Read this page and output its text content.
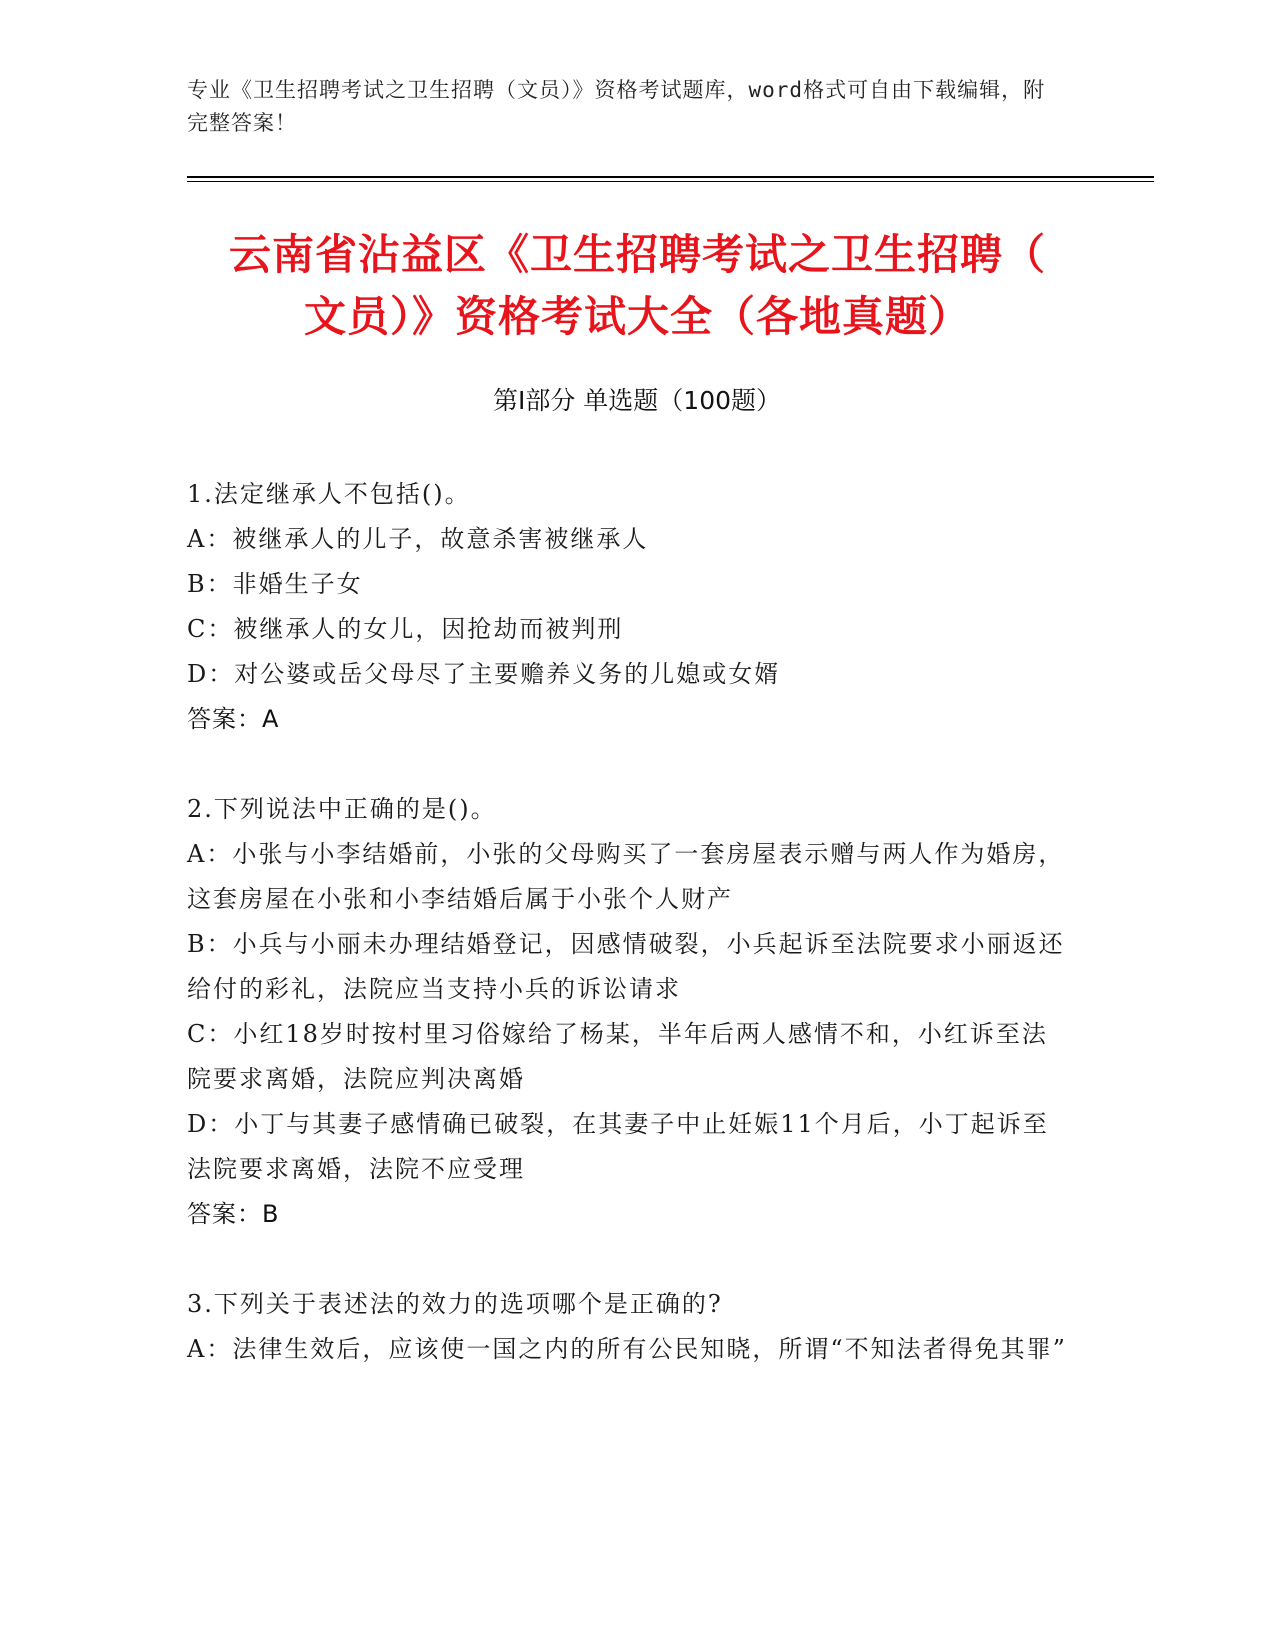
专业《卫生招聘考试之卫生招聘（文员）》资格考试题库，word格式可自由下载编辑，附完整答案！
云南省沾益区《卫生招聘考试之卫生招聘（
文员）》资格考试大全（各地真题）
第Ⅰ部分 单选题（100题）

1.法定继承人不包括()。

A：被继承人的儿子，故意杀害被继承人

B：非婚生子女

C：被继承人的女儿，因抢劫而被判刑

D：对公婆或岳父母尽了主要赡养义务的儿媳或女婿

答案：A

2.下列说法中正确的是()。

A：小张与小李结婚前，小张的父母购买了一套房屋表示赠与两人作为婚房，这套房屋在小张和小李结婚后属于小张个人财产

B：小兵与小丽未办理结婚登记，因感情破裂，小兵起诉至法院要求小丽返还给付的彩礼，法院应当支持小兵的诉讼请求

C：小红18岁时按村里习俗嫁给了杨某，半年后两人感情不和，小红诉至法院要求离婚，法院应判决离婚

D：小丁与其妻子感情确已破裂，在其妻子中止妊娠11个月后，小丁起诉至法院要求离婚，法院不应受理

答案：B

3.下列关于表述法的效力的选项哪个是正确的?

A：法律生效后，应该使一国之内的所有公民知晓，所谓“不知法者得免其罪”
